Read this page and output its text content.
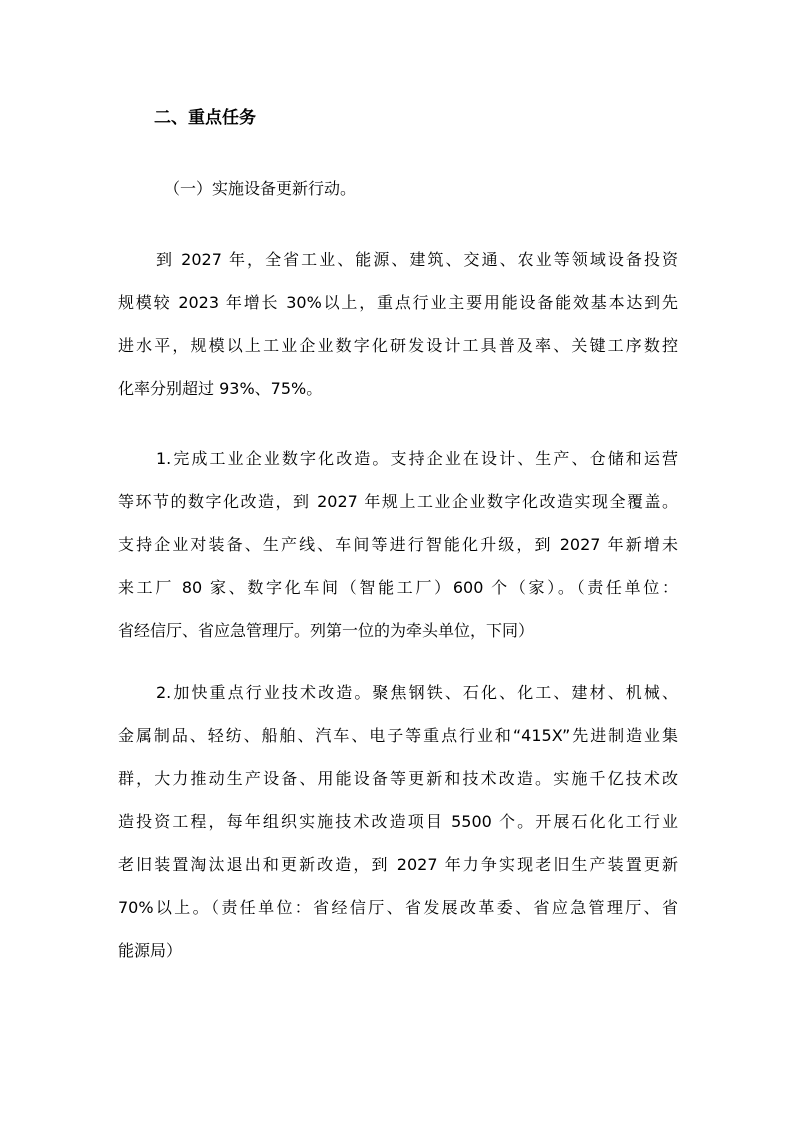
二、重点任务
（一）实施设备更新行动。
到 2027 年，全省工业、能源、建筑、交通、农业等领域设备投资
规模较 2023 年增长 30%以上，重点行业主要用能设备能效基本达到先
进水平，规模以上工业企业数字化研发设计工具普及率、关键工序数控
化率分别超过 93%、75%。
1.完成工业企业数字化改造。支持企业在设计、生产、仓储和运营
等环节的数字化改造，到 2027 年规上工业企业数字化改造实现全覆盖。
支持企业对装备、生产线、车间等进行智能化升级，到 2027 年新增未
来工厂 80 家、数字化车间（智能工厂）600 个（家）。（责任单位：
省经信厅、省应急管理厅。列第一位的为牵头单位，下同）
2.加快重点行业技术改造。聚焦钢铁、石化、化工、建材、机械、
金属制品、轻纺、船舶、汽车、电子等重点行业和“415X”先进制造业集
群，大力推动生产设备、用能设备等更新和技术改造。实施千亿技术改
造投资工程，每年组织实施技术改造项目 5500 个。开展石化化工行业
老旧装置淘汰退出和更新改造，到 2027 年力争实现老旧生产装置更新
70%以上。（责任单位：省经信厅、省发展改革委、省应急管理厅、省
能源局）
